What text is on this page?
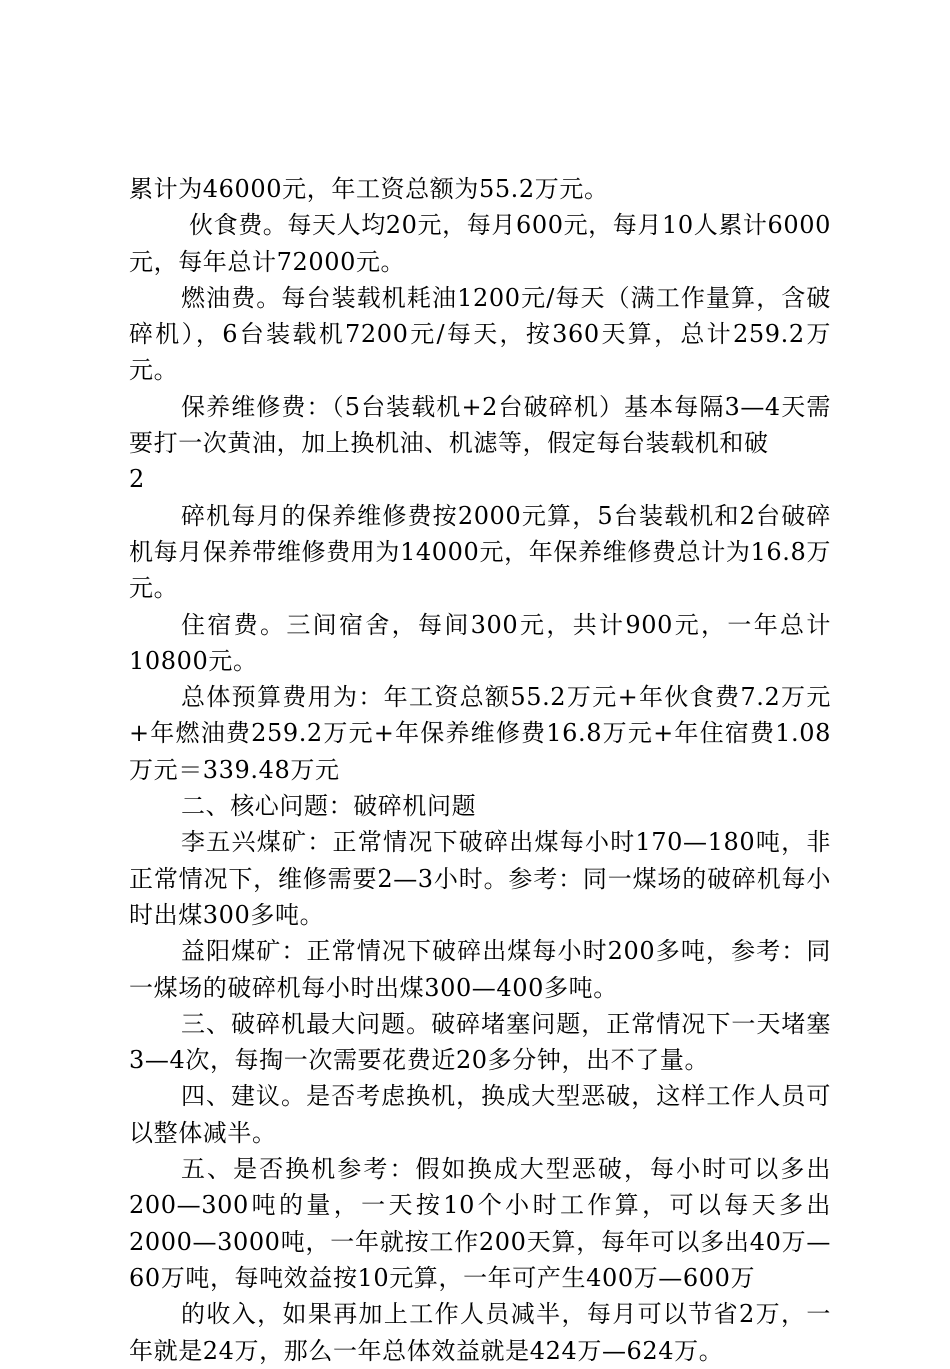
累计为46000元，年工资总额为55.2万元。

伙食费。每天人均20元，每月600元，每月10人累计6000元，每年总计72000元。

燃油费。每台装载机耗油1200元/每天（满工作量算，含破碎机），6台装载机7200元/每天，按360天算，总计259.2万元。

保养维修费：（5台装载机+2台破碎机）基本每隔3—4天需要打一次黄油，加上换机油、机滤等，假定每台装载机和破

2

碎机每月的保养维修费按2000元算，5台装载机和2台破碎机每月保养带维修费用为14000元，年保养维修费总计为16.8万元。

住宿费。三间宿舍，每间300元，共计900元，一年总计10800元。

总体预算费用为：年工资总额55.2万元+年伙食费7.2万元+年燃油费259.2万元+年保养维修费16.8万元+年住宿费1.08万元＝339.48万元

二、核心问题：破碎机问题

李五兴煤矿：正常情况下破碎出煤每小时170—180吨，非正常情况下，维修需要2—3小时。参考：同一煤场的破碎机每小时出煤300多吨。

益阳煤矿：正常情况下破碎出煤每小时200多吨，参考：同一煤场的破碎机每小时出煤300—400多吨。

三、破碎机最大问题。破碎堵塞问题，正常情况下一天堵塞3—4次，每掏一次需要花费近20多分钟，出不了量。

四、建议。是否考虑换机，换成大型恶破，这样工作人员可以整体减半。

五、是否换机参考：假如换成大型恶破，每小时可以多出200—300吨的量，一天按10个小时工作算，可以每天多出2000—3000吨，一年就按工作200天算，每年可以多出40万—60万吨，每吨效益按10元算，一年可产生400万—600万

的收入，如果再加上工作人员减半，每月可以节省2万，一年就是24万，那么一年总体效益就是424万—624万。
